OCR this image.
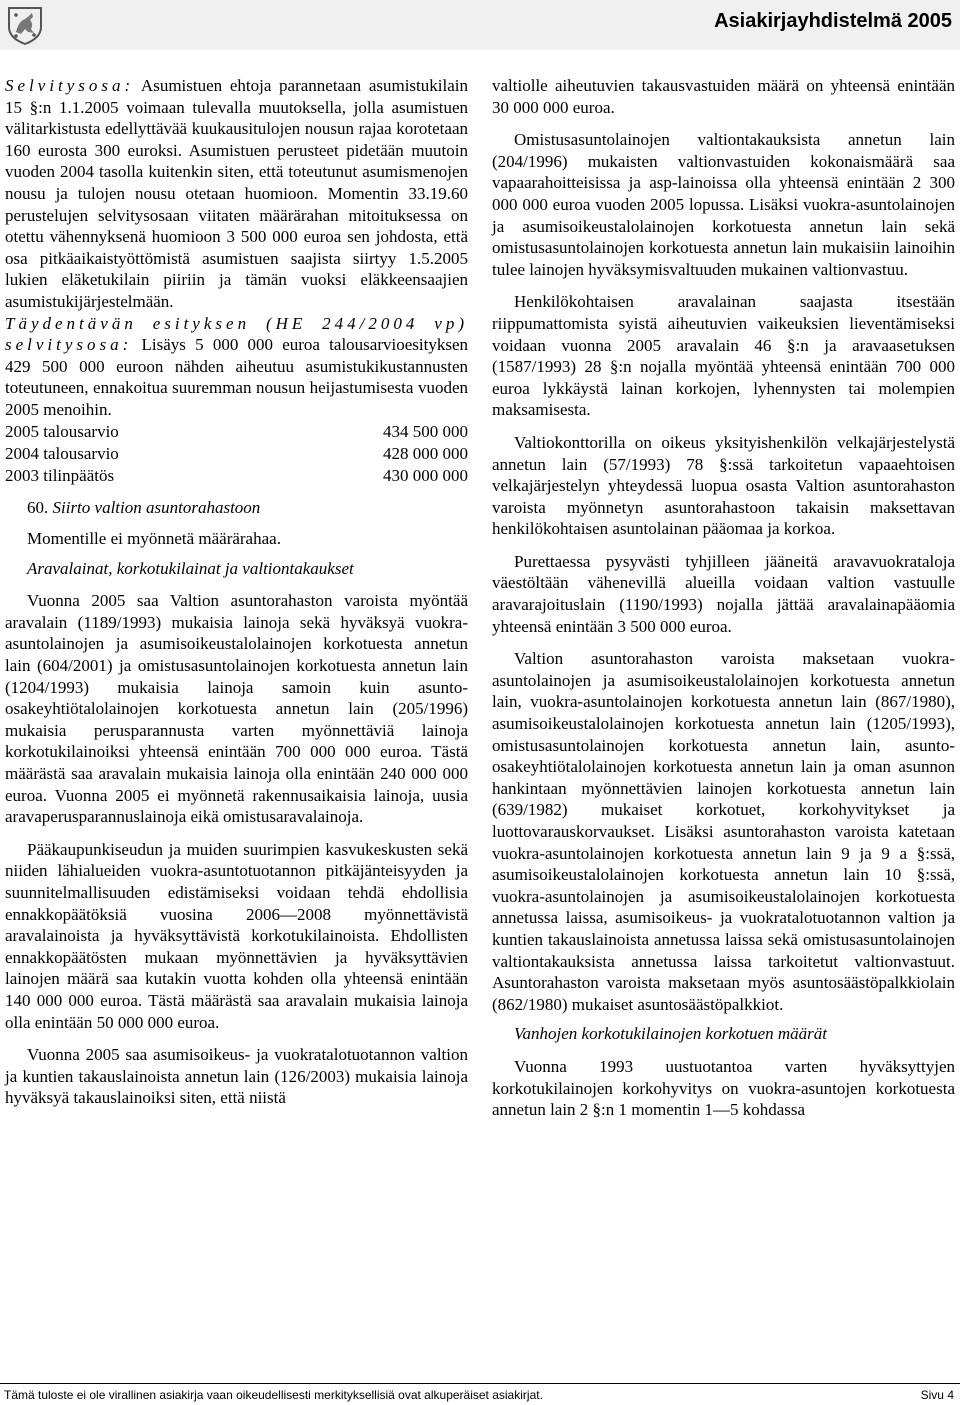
Asiakirjayhdistelmä 2005

Selvitysosa: Asumistuen ehtoja parannetaan asumistukilain 15 §:n 1.1.2005 voimaan tulevalla muutoksella, jolla asumistuen välitarkistusta edellyttävää kuukausitulojen nousun rajaa korotetaan 160 eurosta 300 euroksi. Asumistuen perusteet pidetään muutoin vuoden 2004 tasolla kuitenkin siten, että toteutunut asumismenojen nousu ja tulojen nousu otetaan huomioon. Momentin 33.19.60 perustelujen selvitysosaan viitaten määrärahan mitoituksessa on otettu vähennyksenä huomioon 3 500 000 euroa sen johdosta, että osa pitkäaikaistyöttömistä asumistuen saajista siirtyy 1.5.2005 lukien eläketukilain piiriin ja tämän vuoksi eläkkeensaajien asumistukijärjestelmään.

Täydentävän esityksen (HE 244/2004 vp) selvitysosa: Lisäys 5 000 000 euroa talousarvioesityksen 429 500 000 euroon nähden aiheutuu asumistukikustannusten toteutuneen, ennakoitua suuremman nousun heijastumisesta vuoden 2005 menoihin.

2005 talousarvio	434 500 000
2004 talousarvio	428 000 000
2003 tilinpäätös	430 000 000

60. Siirto valtion asuntorahastoon

Momentille ei myönnetä määrärahaa.

Aravalainat, korkotukilainat ja valtiontakaukset

Vuonna 2005 saa Valtion asuntorahaston varoista myöntää aravalain (1189/1993) mukaisia lainoja sekä hyväksyä vuokra-asuntolainojen ja asumisoikeustalolainojen korkotuesta annetun lain (604/2001) ja omistusasuntolainojen korkotuesta annetun lain (1204/1993) mukaisia lainoja samoin kuin asunto-osakeyhtiötalolainojen korkotuesta annetun lain (205/1996) mukaisia perusparannusta varten myönnettäviä lainoja korkotukilainoiksi yhteensä enintään 700 000 000 euroa. Tästä määrästä saa aravalain mukaisia lainoja olla enintään 240 000 000 euroa. Vuonna 2005 ei myönnetä rakennusaikaisia lainoja, uusia aravaperusparannuslainoja eikä omistusaravalainoja.

Pääkaupunkiseudun ja muiden suurimpien kasvukeskusten sekä niiden lähialueiden vuokra-asuntotuotannon pitkäjänteisyyden ja suunnitelmallisuuden edistämiseksi voidaan tehdä ehdollisia ennakkopäätöksiä vuosina 2006—2008 myönnettävistä aravalainoista ja hyväksyttävistä korkotukilainoista. Ehdollisten ennakkopäätösten mukaan myönnettävien ja hyväksyttävien lainojen määrä saa kutakin vuotta kohden olla yhteensä enintään 140 000 000 euroa. Tästä määrästä saa aravalain mukaisia lainoja olla enintään 50 000 000 euroa.

Vuonna 2005 saa asumisoikeus- ja vuokratalotuotannon valtion ja kuntien takauslainoista annetun lain (126/2003) mukaisia lainoja hyväksyä takauslainoiksi siten, että niistä

valtiolle aiheutuvien takausvastuiden määrä on yhteensä enintään 30 000 000 euroa.

Omistusasuntolainojen valtiontakauksista annetun lain (204/1996) mukaisten valtionvastuiden kokonaismäärä saa vapaarahoitteisissa ja asp-lainoissa olla yhteensä enintään 2 300 000 000 euroa vuoden 2005 lopussa. Lisäksi vuokra-asuntolainojen ja asumisoikeustalolainojen korkotuesta annetun lain sekä omistusasuntolainojen korkotuesta annetun lain mukaisiin lainoihin tulee lainojen hyväksymisvaltuuden mukainen valtionvastuu.

Henkilökohtaisen aravalainan saajasta itsestään riippumattomista syistä aiheutuvien vaikeuksien lieventämiseksi voidaan vuonna 2005 aravalain 46 §:n ja aravaasetuksen (1587/1993) 28 §:n nojalla myöntää yhteensä enintään 700 000 euroa lykkäystä lainan korkojen, lyhennysten tai molempien maksamisesta.

Valtiokonttorilla on oikeus yksityishenkilön velkajärjestelystä annetun lain (57/1993) 78 §:ssä tarkoitetun vapaaehtoisen velkajärjestelyn yhteydessä luopua osasta Valtion asuntorahaston varoista myönnetyn asuntorahastoon takaisin maksettavan henkilökohtaisen asuntolainan pääomaa ja korkoa.

Purettaessa pysyvästi tyhjilleen jääneitä aravavuokrataloja väestöltään vähenevillä alueilla voidaan valtion vastuulle aravarajoituslain (1190/1993) nojalla jättää aravalainapääomia yhteensä enintään 3 500 000 euroa.

Valtion asuntorahaston varoista maksetaan vuokra-asuntolainojen ja asumisoikeustalolainojen korkotuesta annetun lain, vuokra-asuntolainojen korkotuesta annetun lain (867/1980), asumisoikeustalolainojen korkotuesta annetun lain (1205/1993), omistusasuntolainojen korkotuesta annetun lain, asunto-osakeyhtiötalolainojen korkotuesta annetun lain ja oman asunnon hankintaan myönnettävien lainojen korkotuesta annetun lain (639/1982) mukaiset korkotuet, korkohyvitykset ja luottovarauskorvaukset. Lisäksi asuntorahaston varoista katetaan vuokra-asuntolainojen korkotuesta annetun lain 9 ja 9 a §:ssä, asumisoikeustalolainojen korkotuesta annetun lain 10 §:ssä, vuokra-asuntolainojen ja asumisoikeustalolainojen korkotuesta annetussa laissa, asumisoikeus- ja vuokratalotuotannon valtion ja kuntien takauslainoista annetussa laissa sekä omistusasuntolainojen valtiontakauksista annetussa laissa tarkoitetut valtionvastuut. Asuntorahaston varoista maksetaan myös asuntosäästöpalkkiolain (862/1980) mukaiset asuntosäästöpalkkiot.

Vanhojen korkotukilainojen korkotuen määrät

Vuonna 1993 uustuotantoa varten hyväksyttyjen korkotukilainojen korkohyvitys on vuokra-asuntojen korkotuesta annetun lain 2 §:n 1 momentin 1—5 kohdassa

Tämä tuloste ei ole virallinen asiakirja vaan oikeudellisesti merkityksellisiä ovat alkuperäiset asiakirjat.	Sivu 4
